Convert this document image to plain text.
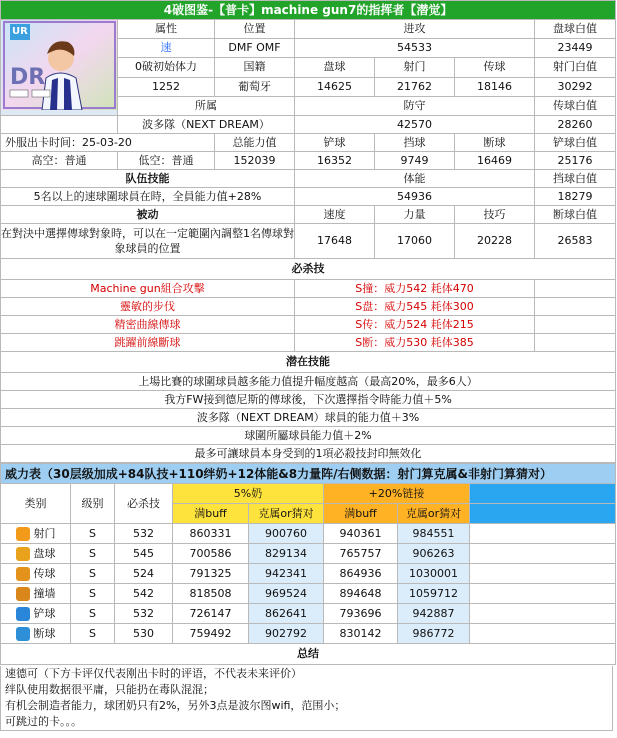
4破图鉴-【普卡】machine gun7的指挥者【潜觉】						

DR
UR	属性	位置	进攻			盘球白值
	速	DMF OMF	54533			23449
	0破初始体力	国籍	盘球	射门	传球	射门白值
	1252	葡萄牙	14625	21762	18146	30292
	所属		防守			传球白值

	波多隊（NEXT DREAM）		42570			28260
外服出卡时间：25-03-20		总能力值	铲球	挡球	断球	铲球白值
高空：普通	低空：普通	152039	16352	9749	16469	25176
队伍技能			体能			挡球白值
5名以上的速球圍球員在時，全員能力值+28%			54936			18279
被动			速度	力量	技巧	断球白值
在對決中選擇傳球對象時，可以在一定範圍內調整1名傳球對象球員的位置			17648	17060	20228	26583
必杀技						
Machine gun組合攻擊			S撞：威力542 耗体470			
靈敏的步伐			S盘：威力545 耗体300			
精密曲線傳球			S传：威力524 耗体215			
跳躍前線斷球			S断：威力530 耗体385			
潜在技能						
上場比賽的球圍球員越多能力值提升幅度越高（最高20%，最多6人）						
我方FW接到德尼斯的傳球後，下次選擇指令時能力值＋5%						
波多隊（NEXT DREAM）球員的能力值＋3%						
球圍所屬球員能力值＋2%						
最多可讓球員本身受到的1項必殺技封印無效化						
威力表（30层级加成+84队技+110绊奶+12体能&8力量阵/右侧数据：射门算克属&非射门算猜对）							
类别	级别	必杀技	5%奶		+20%链接		
			满buff	克属or猜对	满buff	克属or猜对	
射门	S	532	860331	900760	940361	984551	
盘球	S	545	700586	829134	765757	906263	
传球	S	524	791325	942341	864936	1030001	
撞墙	S	542	818508	969524	894648	1059712	
铲球	S	532	726147	862641	793696	942887	
断球	S	530	759492	902792	830142	986772	
总结							
速德可（下方卡评仅代表刚出卡时的评语，不代表未来评价）
绊队使用数据很平庸，只能扔在毒队混混；
有机会制造者能力，球团奶只有2%，另外3点是波尔图wifi，范围小；
可跳过的卡。。。
